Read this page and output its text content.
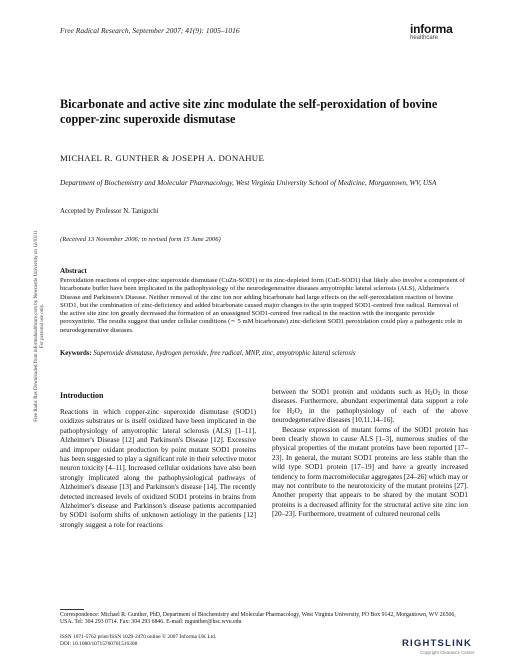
Free Radic Res Downloaded from informahealthcare.com by Newcastle University on 12/03/11 For personal use only.
Free Radical Research, September 2007; 41(9): 1005–1016	informa
healthcare
Bicarbonate and active site zinc modulate the self-peroxidation of bovine copper-zinc superoxide dismutase
MICHAEL R. GUNTHER & JOSEPH A. DONAHUE
Department of Biochemistry and Molecular Pharmacology, West Virginia University School of Medicine, Morgantown, WV, USA
Accepted by Professor N. Taniguchi
(Received 13 November 2006; in revised form 15 June 2006)
Abstract
Peroxidation reactions of copper-zinc superoxide dismutase (CuZn-SOD1) or its zinc-depleted form (CuE-SOD1) that likely also involve a component of bicarbonate buffer have been implicated in the pathophysiology of the neurodegenerative diseases amyotrophic lateral sclerosis (ALS), Alzheimer's Disease and Parkinson's Disease. Neither removal of the zinc ion nor adding bicarbonate had large effects on the self-peroxidation reaction of bovine SOD1, but the combination of zinc-deficiency and added bicarbonate caused major changes to the spin trapped SOD1-centred free radical. Removal of the active site zinc ion greatly decreased the formation of an unassigned SOD1-centred free radical in the reaction with the inorganic peroxide peroxynitrite. The results suggest that under cellular conditions (∼ 5 mM bicarbonate) zinc-deficient SOD1 peroxidation could play a pathogenic role in neurodegenerative diseases.
Keywords: Superoxide dismutase, hydrogen peroxide, free radical, MNP, zinc, amyotrophic lateral sclerosis
Introduction

Reactions in which copper-zinc superoxide dismutase (SOD1) oxidizes substrates or is itself oxidized have been implicated in the pathophysiology of amyotrophic lateral sclerosis (ALS) [1–11], Alzheimer's Disease [12] and Parkinson's Disease [12]. Excessive and improper oxidant production by point mutant SOD1 proteins has been suggested to play a significant role in their selective motor neuron toxicity [4–11]. Increased cellular oxidations have also been strongly implicated along the pathophysiological pathways of Alzheimer's disease [13] and Parkinson's disease [14]. The recently detected increased levels of oxidized SOD1 proteins in brains from Alzheimer's disease and Parkinson's disease patients accompanied by SOD1 isoform shifts of unknown aetiology in the patients [12] strongly suggest a role for reactions

between the SOD1 protein and oxidants such as $H_2O_2$ in those diseases. Furthermore, abundant experimental data support a role for $H_2O_2$ in the pathophysiology of each of the above neurodegenerative diseases [10,11,14–16].

Because expression of mutant forms of the SOD1 protein has been clearly shown to cause ALS [1–3], numerous studies of the physical properties of the mutant proteins have been reported [17–23]. In general, the mutant SOD1 proteins are less stable than the wild type SOD1 protein [17–19] and have a greatly increased tendency to form macromolecular aggregates [24–26] which may or may not contribute to the neurotoxicity of the mutant proteins [27]. Another property that appears to be shared by the mutant SOD1 proteins is a decreased affinity for the structural active site zinc ion [20–23]. Furthermore, treatment of cultured neuronal cells

Correspondence: Michael R. Gunther, PhD, Department of Biochemistry and Molecular Pharmacology, West Virginia University, PO Box 9142, Morgantown, WV 26506, USA. Tel: 304 293 0714. Fax: 304 293 6846. E-mail: mgunther@hsc.wvu.edu
ISSN 1071-5762 print/ISSN 1029-2470 online © 2007 Informa UK Ltd.
DOI: 10.1080/10715760701516308	RIGHTSLINK
Copyright Clearance Center
